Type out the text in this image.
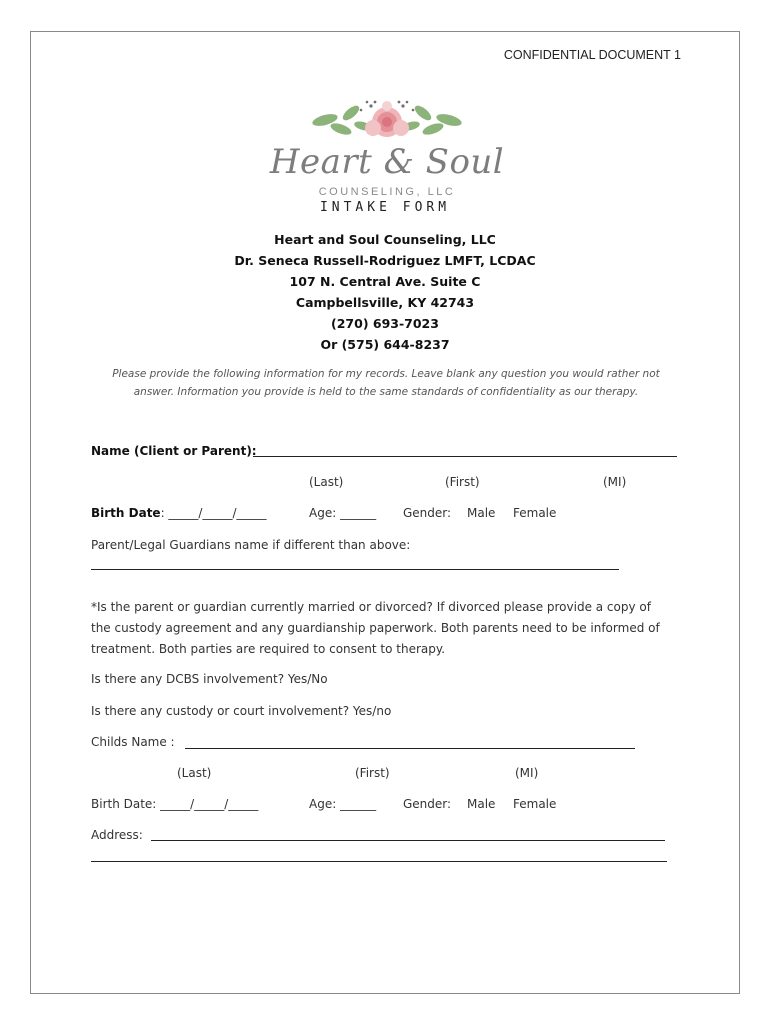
CONFIDENTIAL DOCUMENT 1
Heart & Soul
COUNSELING, LLC
INTAKE FORM
Heart and Soul Counseling, LLC
Dr. Seneca Russell-Rodriguez LMFT, LCDAC
107 N. Central Ave. Suite C
Campbellsville, KY 42743
(270) 693-7023
Or (575) 644-8237
Please provide the following information for my records. Leave blank any question you would rather not
answer. Information you provide is held to the same standards of confidentiality as our therapy.
Name (Client or Parent):
(Last)	(First)	(MI)
Birth Date: _____/_____/_____	Age: ______ Gender: Male Female
Parent/Legal Guardians name if different than above:
*Is the parent or guardian currently married or divorced? If divorced please provide a copy of
the custody agreement and any guardianship paperwork. Both parents need to be informed of
treatment. Both parties are required to consent to therapy.
Is there any DCBS involvement? Yes/No
Is there any custody or court involvement? Yes/no
Childs Name :
(Last)	(First)	(MI)
Birth Date: _____/_____/_____	Age: ______ Gender: Male Female
Address:
